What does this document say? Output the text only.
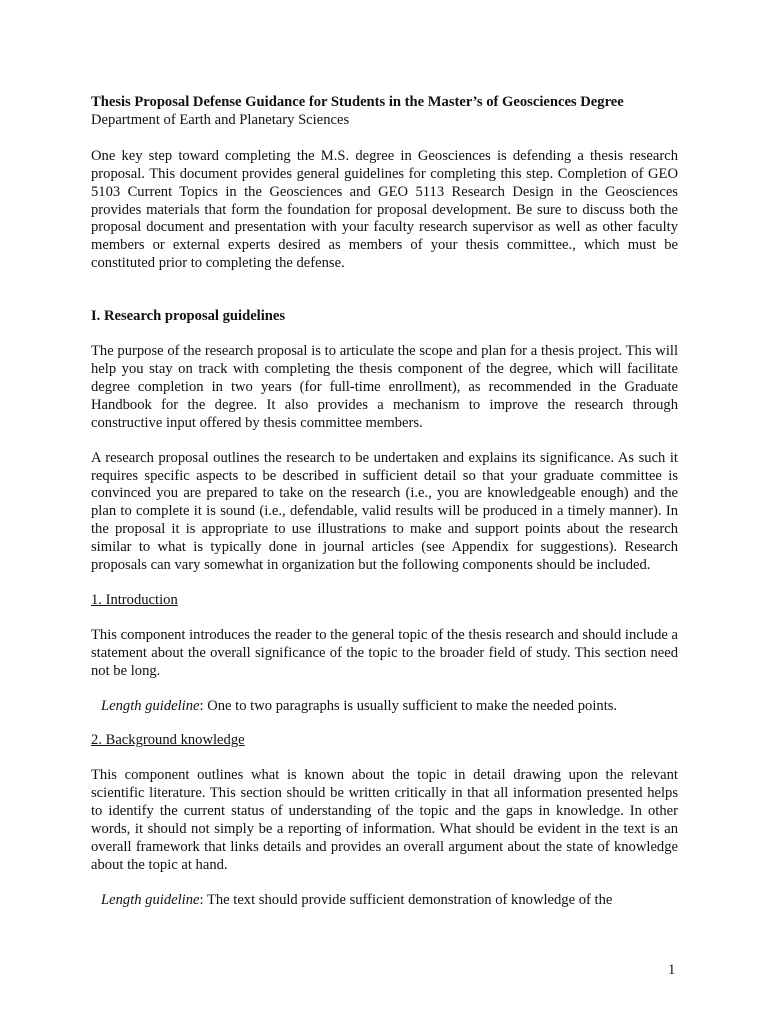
Thesis Proposal Defense Guidance for Students in the Master’s of Geosciences Degree

Department of Earth and Planetary Sciences

One key step toward completing the M.S. degree in Geosciences is defending a thesis research proposal. This document provides general guidelines for completing this step. Completion of GEO 5103 Current Topics in the Geosciences and GEO 5113 Research Design in the Geosciences provides materials that form the foundation for proposal development. Be sure to discuss both the proposal document and presentation with your faculty research supervisor as well as other faculty members or external experts desired as members of your thesis committee., which must be constituted prior to completing the defense.

I. Research proposal guidelines

The purpose of the research proposal is to articulate the scope and plan for a thesis project. This will help you stay on track with completing the thesis component of the degree, which will facilitate degree completion in two years (for full-time enrollment), as recommended in the Graduate Handbook for the degree. It also provides a mechanism to improve the research through constructive input offered by thesis committee members.

A research proposal outlines the research to be undertaken and explains its significance. As such it requires specific aspects to be described in sufficient detail so that your graduate committee is convinced you are prepared to take on the research (i.e., you are knowledgeable enough) and the plan to complete it is sound (i.e., defendable, valid results will be produced in a timely manner). In the proposal it is appropriate to use illustrations to make and support points about the research similar to what is typically done in journal articles (see Appendix for suggestions). Research proposals can vary somewhat in organization but the following components should be included.

1. Introduction

This component introduces the reader to the general topic of the thesis research and should include a statement about the overall significance of the topic to the broader field of study. This section need not be long.

Length guideline: One to two paragraphs is usually sufficient to make the needed points.

2. Background knowledge

This component outlines what is known about the topic in detail drawing upon the relevant scientific literature. This section should be written critically in that all information presented helps to identify the current status of understanding of the topic and the gaps in knowledge. In other words, it should not simply be a reporting of information. What should be evident in the text is an overall framework that links details and provides an overall argument about the state of knowledge about the topic at hand.

Length guideline: The text should provide sufficient demonstration of knowledge of the

1
